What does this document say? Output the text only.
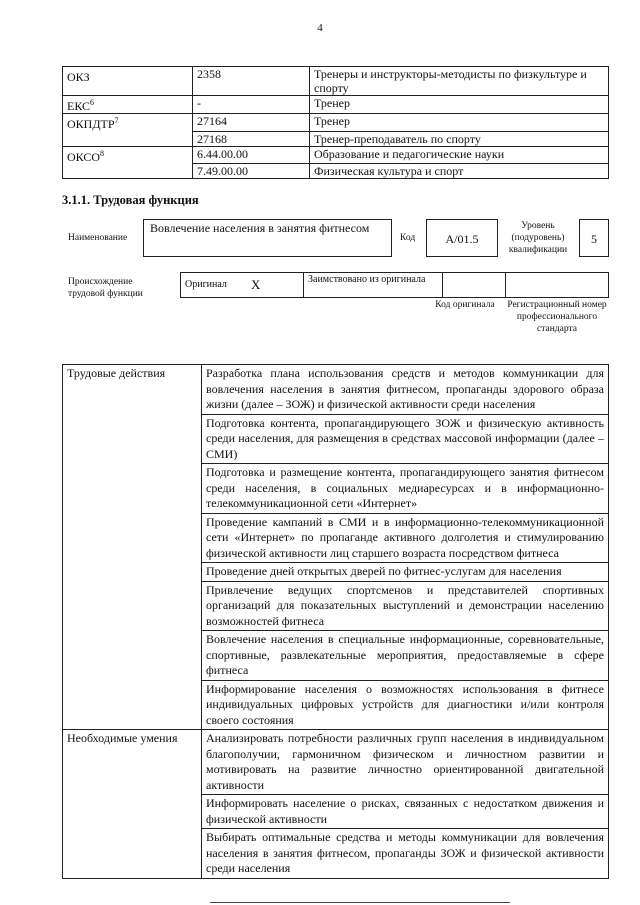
4
ОКЗ	2358	Тренеры и инструкторы-методисты по физкультуре и спорту
ЕКС$^6$	-	Тренер
ОКПДТР$^7$	27164	Тренер
	27168	Тренер-преподаватель по спорту
ОКСО$^8$	6.44.00.00	Образование и педагогические науки
	7.49.00.00	Физическая культура и спорт
3.1.1. Трудовая функция
Наименование
Вовлечение населения в занятия фитнесом
Код	A/01.5
Уровень (подуровень) квалификации
5
Происхождение трудовой функции
Оригинал	X	Заимствовано из оригинала		
Код оригинала	Регистрационный номер профессионального стандарта
Трудовые действия	Разработка плана использования средств и методов коммуникации для вовлечения населения в занятия фитнесом, пропаганды здорового образа жизни (далее – ЗОЖ) и физической активности среди населения
	Подготовка контента, пропагандирующего ЗОЖ и физическую активность среди населения, для размещения в средствах массовой информации (далее – СМИ)
	Подготовка и размещение контента, пропагандирующего занятия фитнесом среди населения, в социальных медиаресурсах и в информационно-телекоммуникационной сети «Интернет»
	Проведение кампаний в СМИ и в информационно-телекоммуникационной сети «Интернет» по пропаганде активного долголетия и стимулированию физической активности лиц старшего возраста посредством фитнеса
	Проведение дней открытых дверей по фитнес-услугам для населения
	Привлечение ведущих спортсменов и представителей спортивных организаций для показательных выступлений и демонстрации населению возможностей фитнеса
	Вовлечение населения в специальные информационные, соревновательные, спортивные, развлекательные мероприятия, предоставляемые в сфере фитнеса
	Информирование населения о возможностях использования в фитнесе индивидуальных цифровых устройств для диагностики и/или контроля своего состояния
Необходимые умения	Анализировать потребности различных групп населения в индивидуальном благополучии, гармоничном физическом и личностном развитии и мотивировать на развитие личностно ориентированной двигательной активности
	Информировать население о рисках, связанных с недостатком движения и физической активности
	Выбирать оптимальные средства и методы коммуникации для вовлечения населения в занятия фитнесом, пропаганды ЗОЖ и физической активности среди населения
